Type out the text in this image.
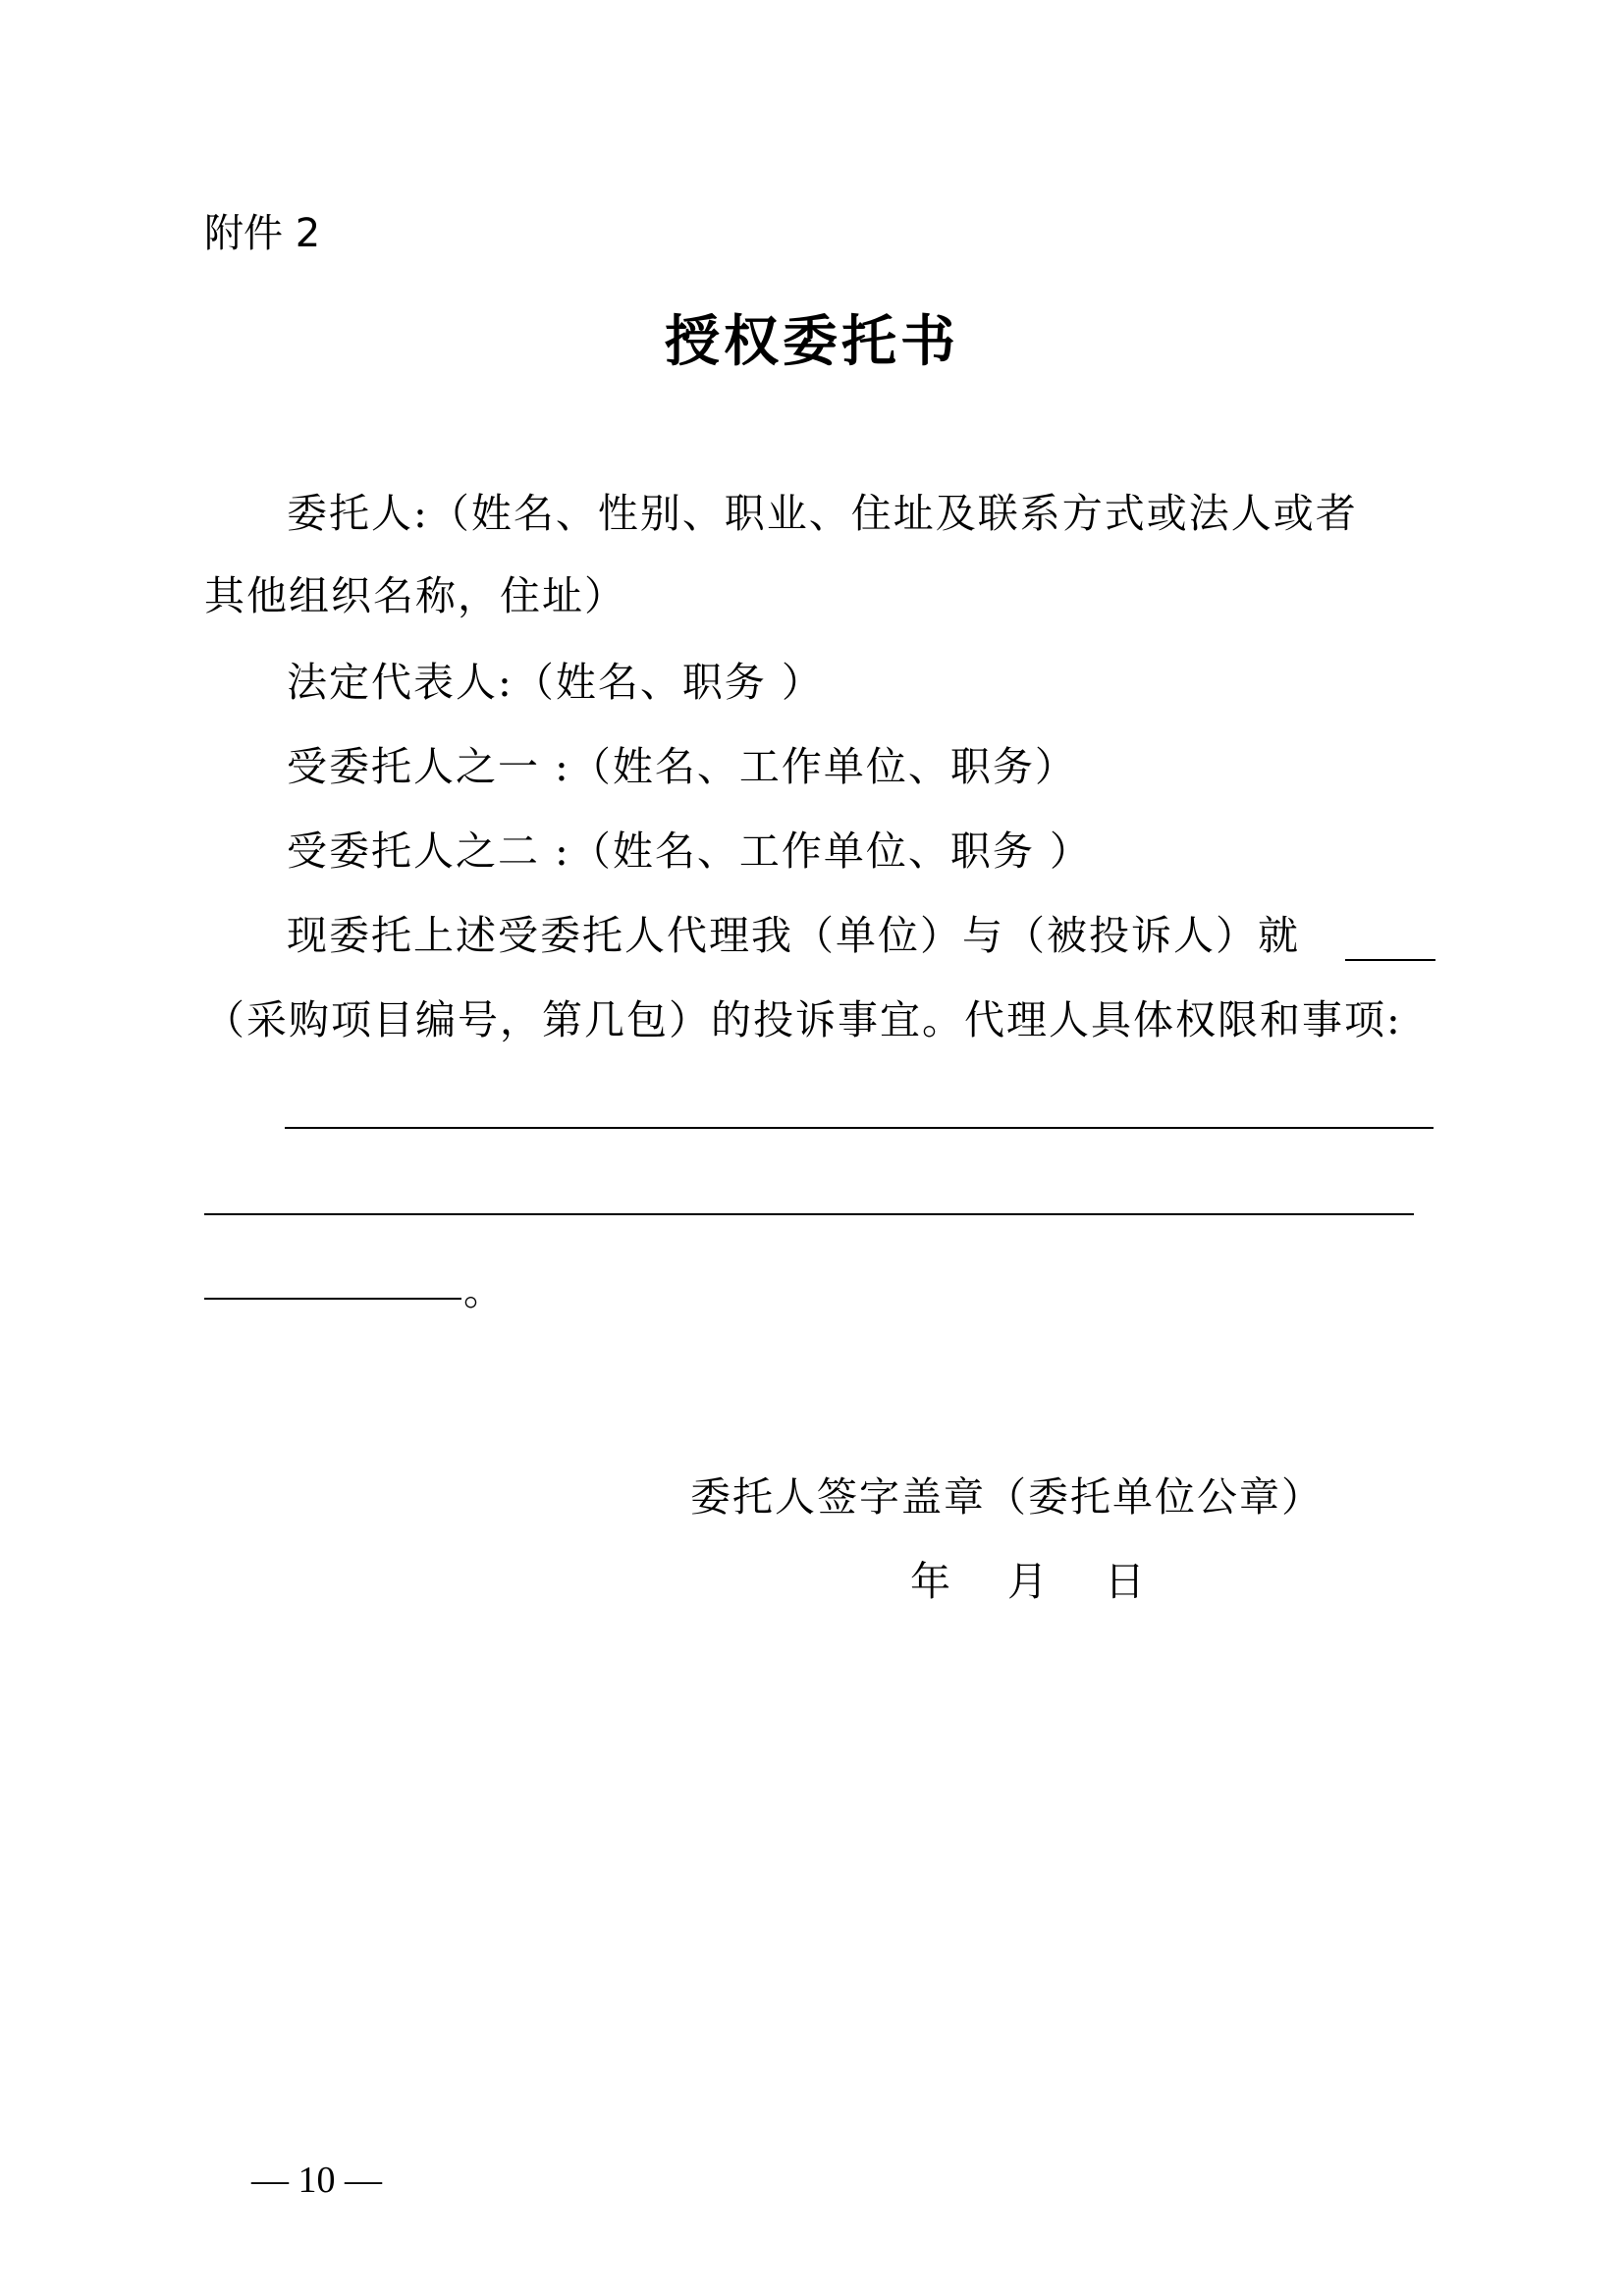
附件 2
授权委托书
委托人:（姓名、性别、职业、住址及联系方式或法人或者
其他组织名称，住址）
法定代表人:（姓名、职务 ）
受委托人之一 :（姓名、工作单位、职务）
受委托人之二 :（姓名、工作单位、职务 ）
现委托上述受委托人代理我（单位）与（被投诉人）就
（采购项目编号，第几包）的投诉事宜。代理人具体权限和事项:
。
委托人签字盖章（委托单位公章）
年 月 日
— 10 —
